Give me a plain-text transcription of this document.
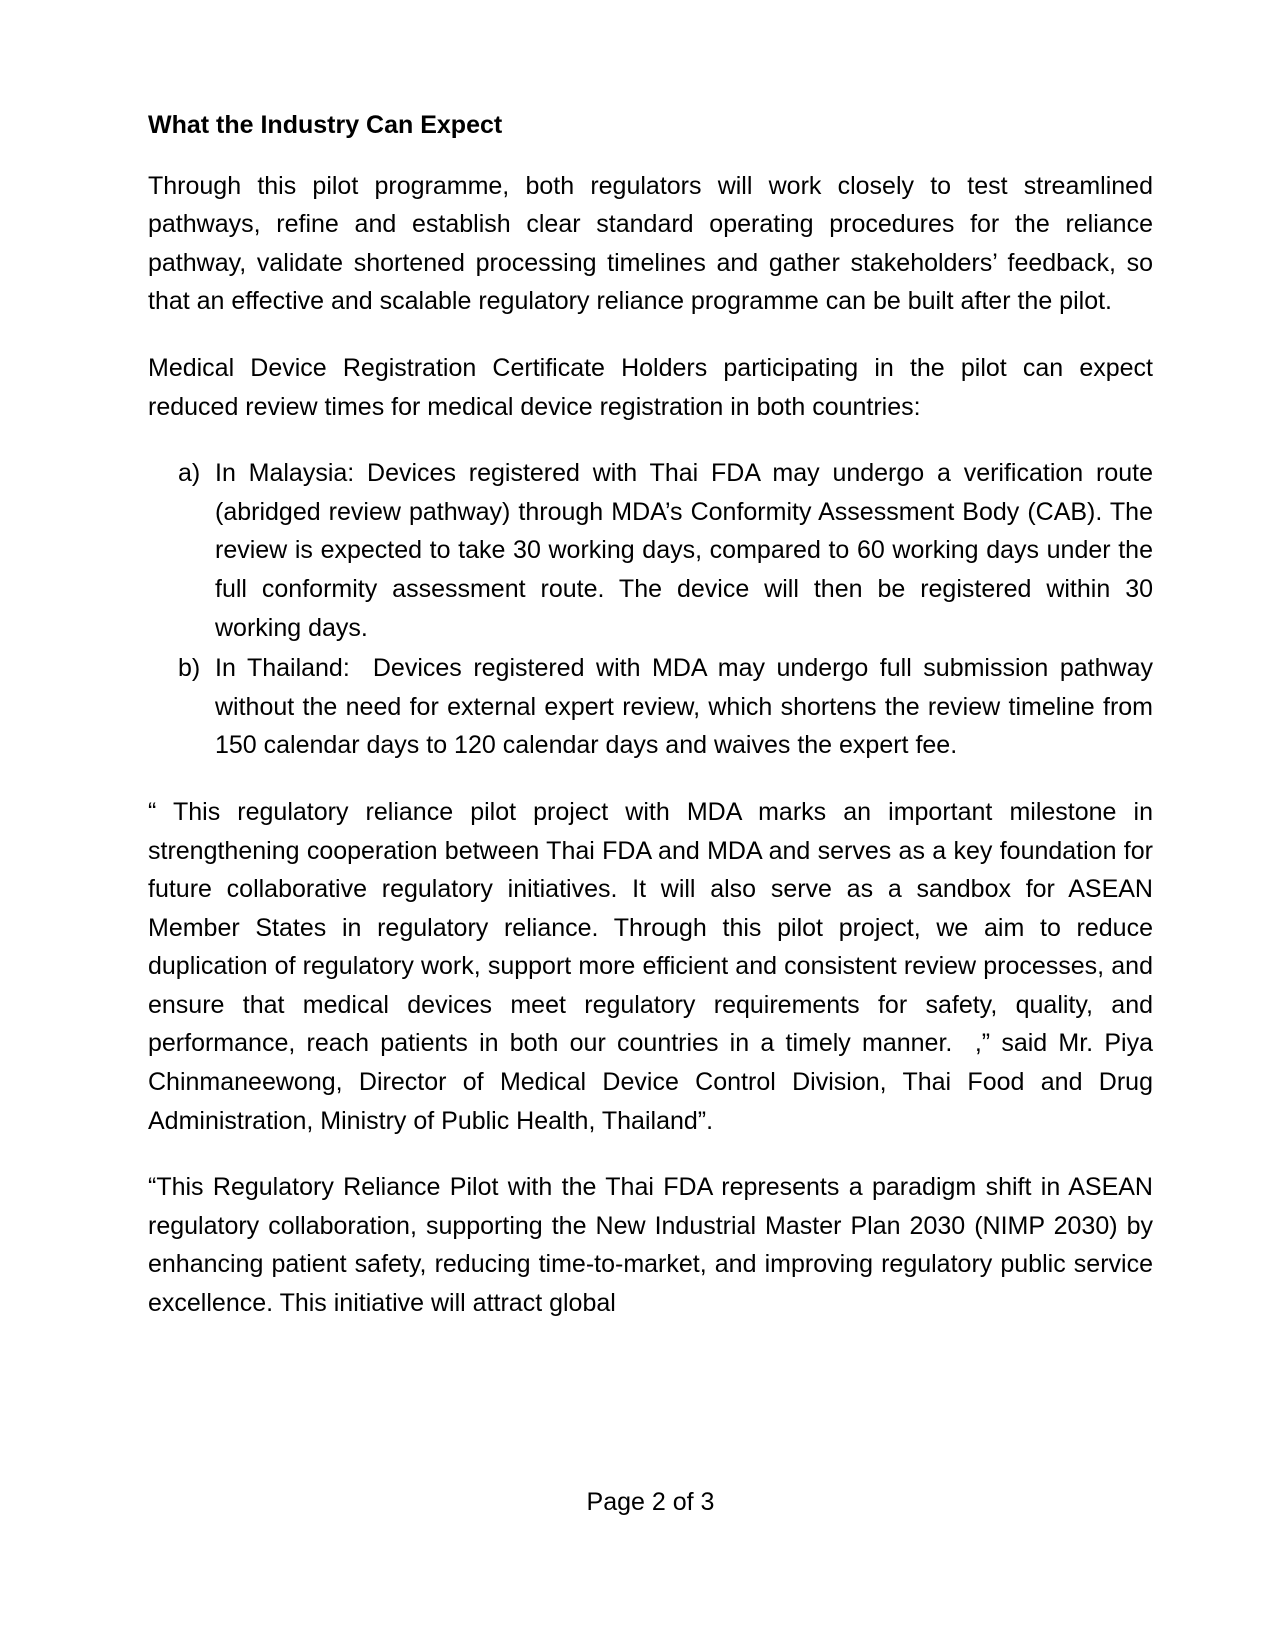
What the Industry Can Expect

Through this pilot programme, both regulators will work closely to test streamlined pathways, refine and establish clear standard operating procedures for the reliance pathway, validate shortened processing timelines and gather stakeholders’ feedback, so that an effective and scalable regulatory reliance programme can be built after the pilot.

Medical Device Registration Certificate Holders participating in the pilot can expect reduced review times for medical device registration in both countries:

a) In Malaysia: Devices registered with Thai FDA may undergo a verification route (abridged review pathway) through MDA’s Conformity Assessment Body (CAB). The review is expected to take 30 working days, compared to 60 working days under the full conformity assessment route. The device will then be registered within 30 working days.
b) In Thailand:  Devices registered with MDA may undergo full submission pathway without the need for external expert review, which shortens the review timeline from 150 calendar days to 120 calendar days and waives the expert fee.

“ This regulatory reliance pilot project with MDA marks an important milestone in strengthening cooperation between Thai FDA and MDA and serves as a key foundation for future collaborative regulatory initiatives. It will also serve as a sandbox for ASEAN Member States in regulatory reliance. Through this pilot project, we aim to reduce duplication of regulatory work, support more efficient and consistent review processes, and ensure that medical devices meet regulatory requirements for safety, quality, and performance, reach patients in both our countries in a timely manner.  ,” said Mr. Piya Chinmaneewong, Director of Medical Device Control Division, Thai Food and Drug Administration, Ministry of Public Health, Thailand”.

“This Regulatory Reliance Pilot with the Thai FDA represents a paradigm shift in ASEAN regulatory collaboration, supporting the New Industrial Master Plan 2030 (NIMP 2030) by enhancing patient safety, reducing time-to-market, and improving regulatory public service excellence. This initiative will attract global

Page 2 of 3
